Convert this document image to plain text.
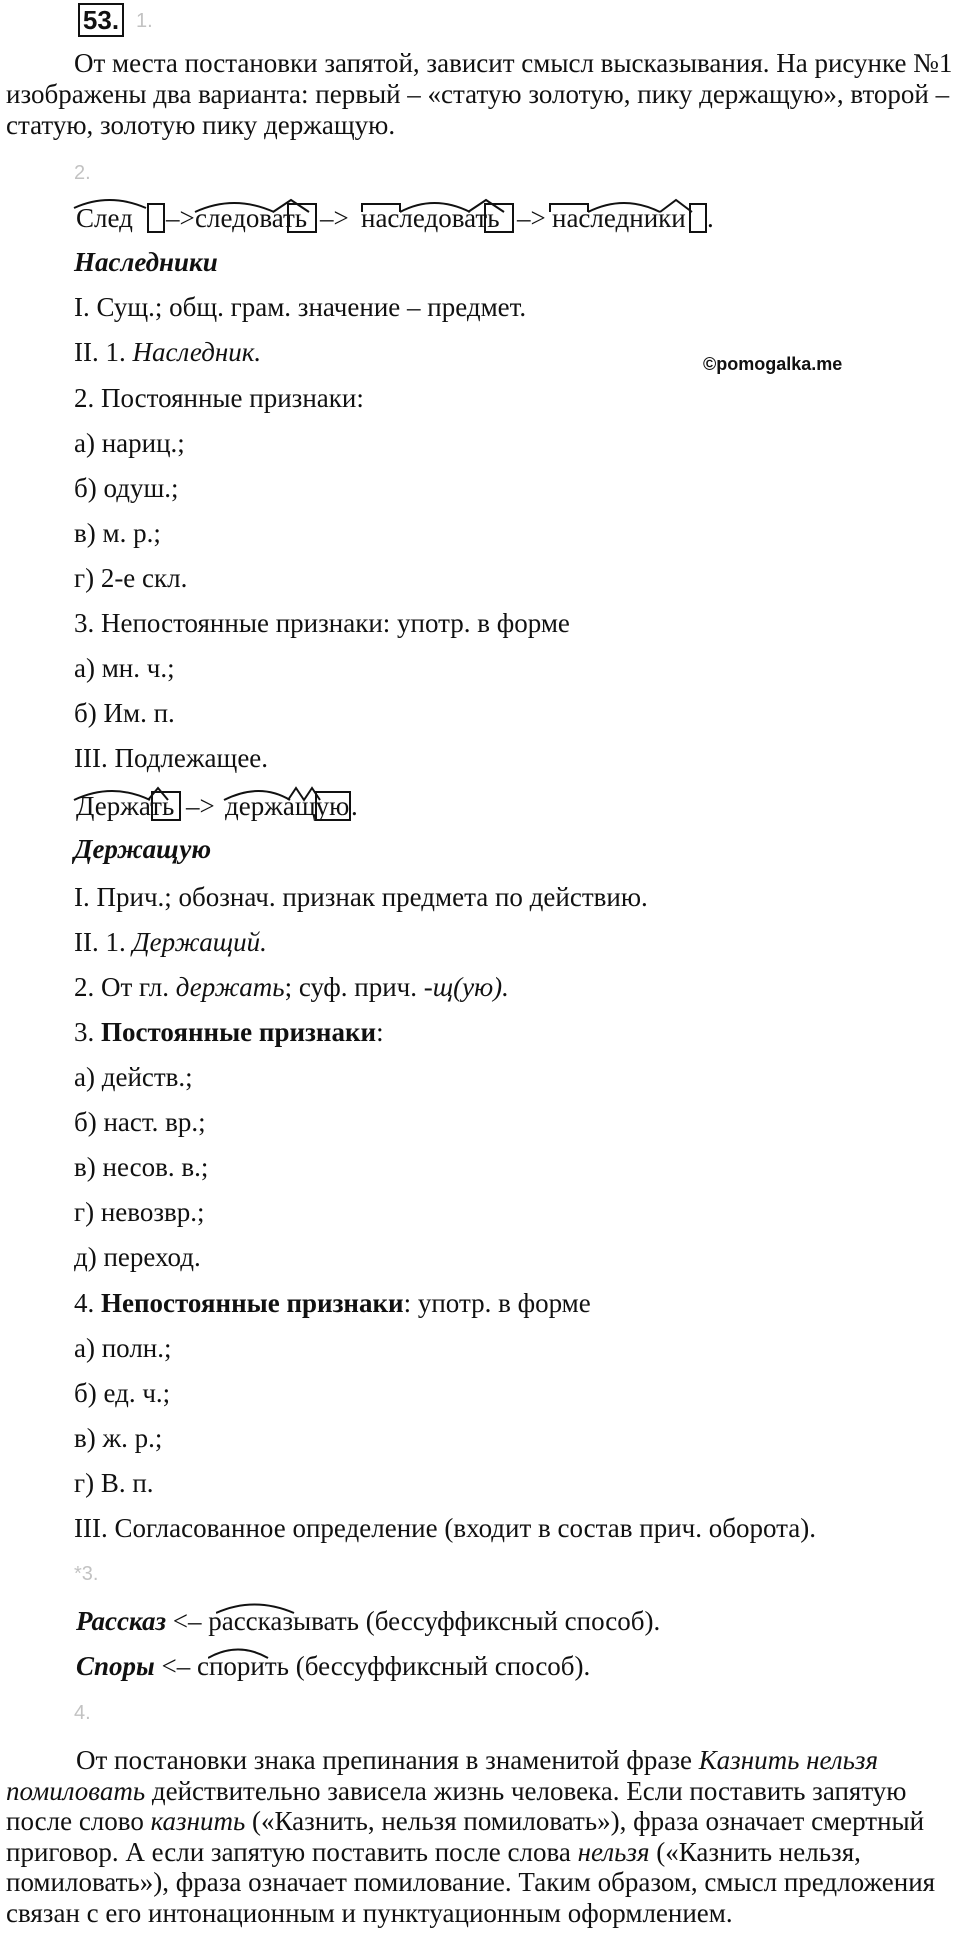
53. 1.
От места постановки запятой, зависит смысл высказывания. На рисунке №1 изображены два варианта: первый – «статую золотую, пику держащую», второй – статую, золотую пику держащую.
2.
След –> следовать –> наследовать –> наследники .
Наследники
I. Сущ.; общ. грам. значение – предмет.
II. 1. Наследник.
2. Постоянные признаки:
а) нариц.;
б) одуш.;
в) м. р.;
г) 2-е скл.
3. Непостоянные признаки: употр. в форме
а) мн. ч.;
б) Им. п.
III. Подлежащее.
©pomogalka.me
Держать –> держащую .
Держащую
I. Прич.; обознач. признак предмета по действию.
II. 1. Держащий.
2. От гл. держать; суф. прич. -щ(ую).
3. Постоянные признаки:
а) действ.;
б) наст. вр.;
в) несов. в.;
г) невозвр.;
д) переход.
4. Непостоянные признаки: употр. в форме
а) полн.;
б) ед. ч.;
в) ж. р.;
г) В. п.
III. Согласованное определение (входит в состав прич. оборота).
*3.
Рассказ <– рассказывать (бессуффиксный способ).
Споры <– спорить (бессуффиксный способ).
4.
От постановки знака препинания в знаменитой фразе Казнить нельзя помиловать действительно зависела жизнь человека. Если поставить запятую после слово казнить («Казнить, нельзя помиловать»), фраза означает смертный приговор. А если запятую поставить после слова нельзя («Казнить нельзя, помиловать»), фраза означает помилование. Таким образом, смысл предложения связан с его интонационным и пунктуационным оформлением.
